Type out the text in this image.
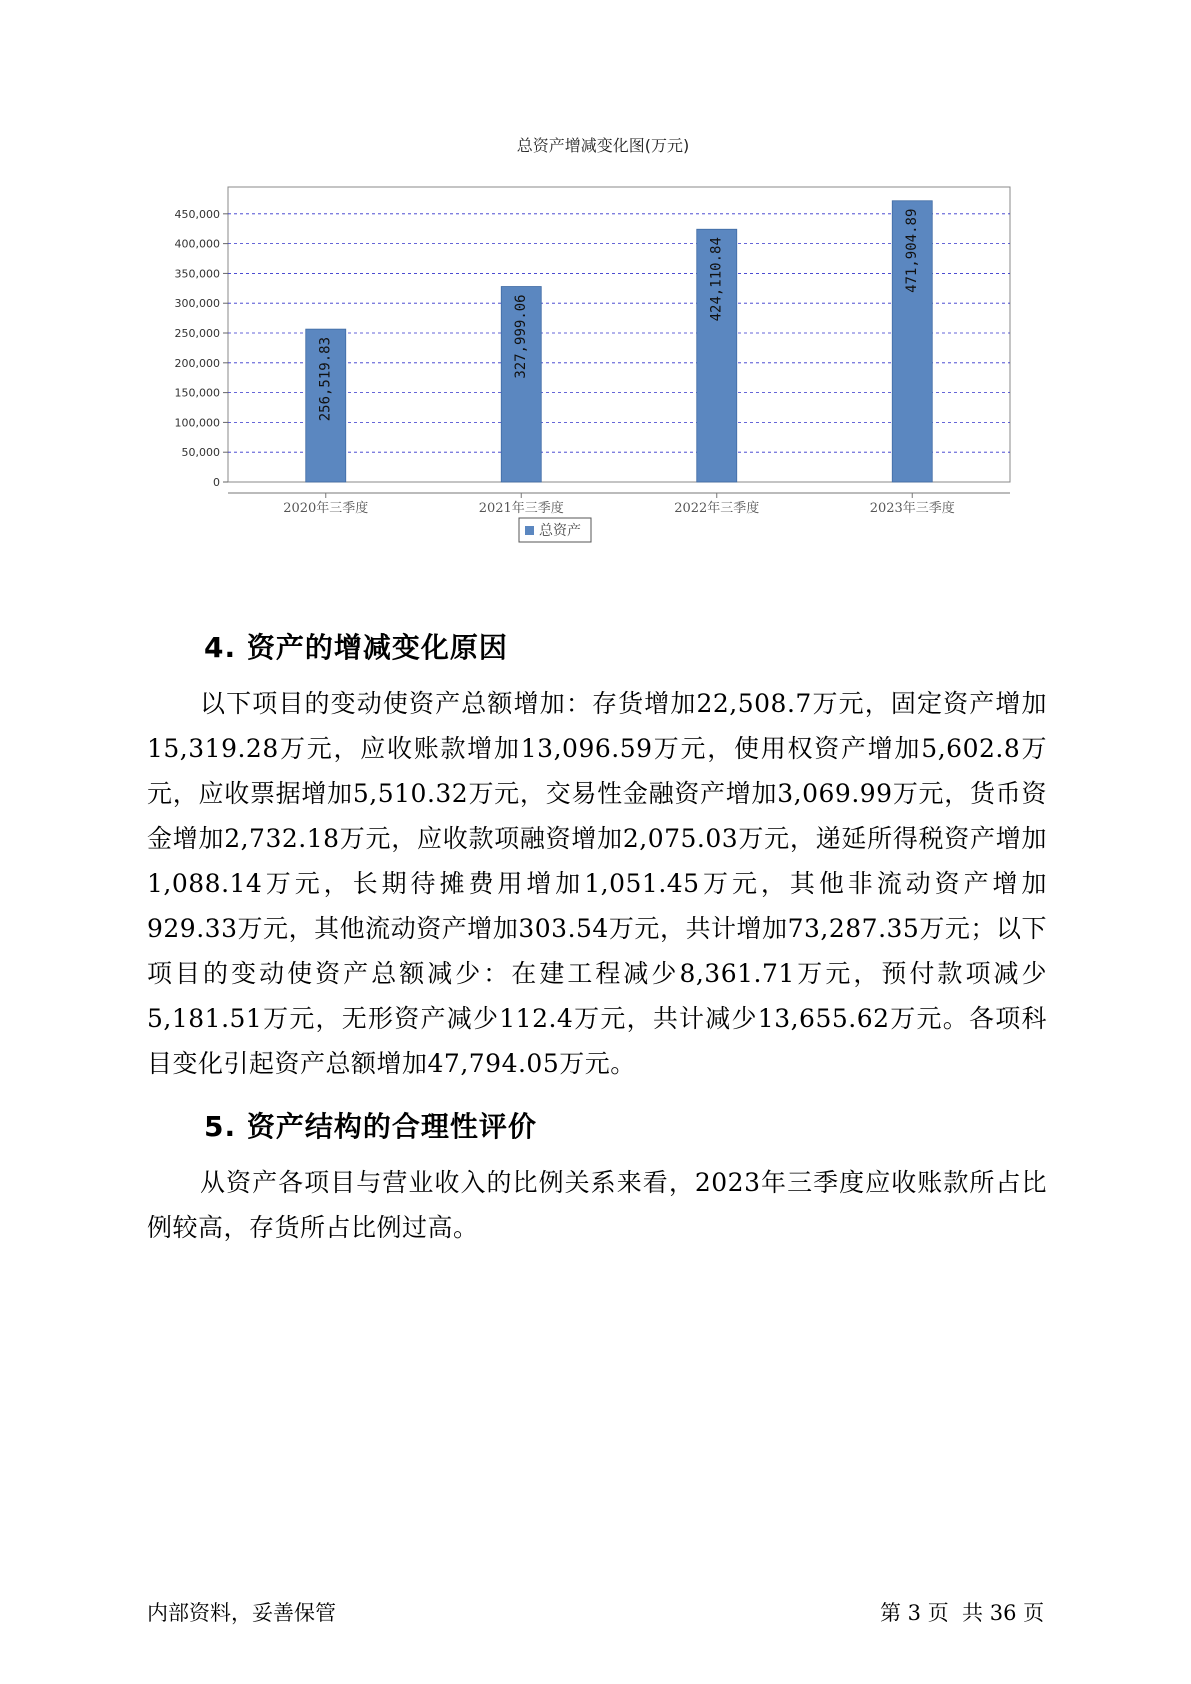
总资产增减变化图(万元)
0
50,000
100,000
150,000
200,000
250,000
300,000
350,000
400,000
450,000
2020年三季度	2021年三季度	2022年三季度	2023年三季度
256,519.83
327,999.06
424,110.84	471,904.89
总资产
4. 资产的增减变化原因

以下项目的变动使资产总额增加：存货增加22,508.7万元，固定资产增加15,319.28万元，应收账款增加13,096.59万元，使用权资产增加5,602.8万元，应收票据增加5,510.32万元，交易性金融资产增加3,069.99万元，货币资金增加2,732.18万元，应收款项融资增加2,075.03万元，递延所得税资产增加1,088.14万元，长期待摊费用增加1,051.45万元，其他非流动资产增加929.33万元，其他流动资产增加303.54万元，共计增加73,287.35万元；以下项目的变动使资产总额减少：在建工程减少8,361.71万元，预付款项减少5,181.51万元，无形资产减少112.4万元，共计减少13,655.62万元。各项科目变化引起资产总额增加47,794.05万元。

5. 资产结构的合理性评价

从资产各项目与营业收入的比例关系来看，2023年三季度应收账款所占比例较高，存货所占比例过高。

内部资料，妥善保管	第 3 页  共 36 页
